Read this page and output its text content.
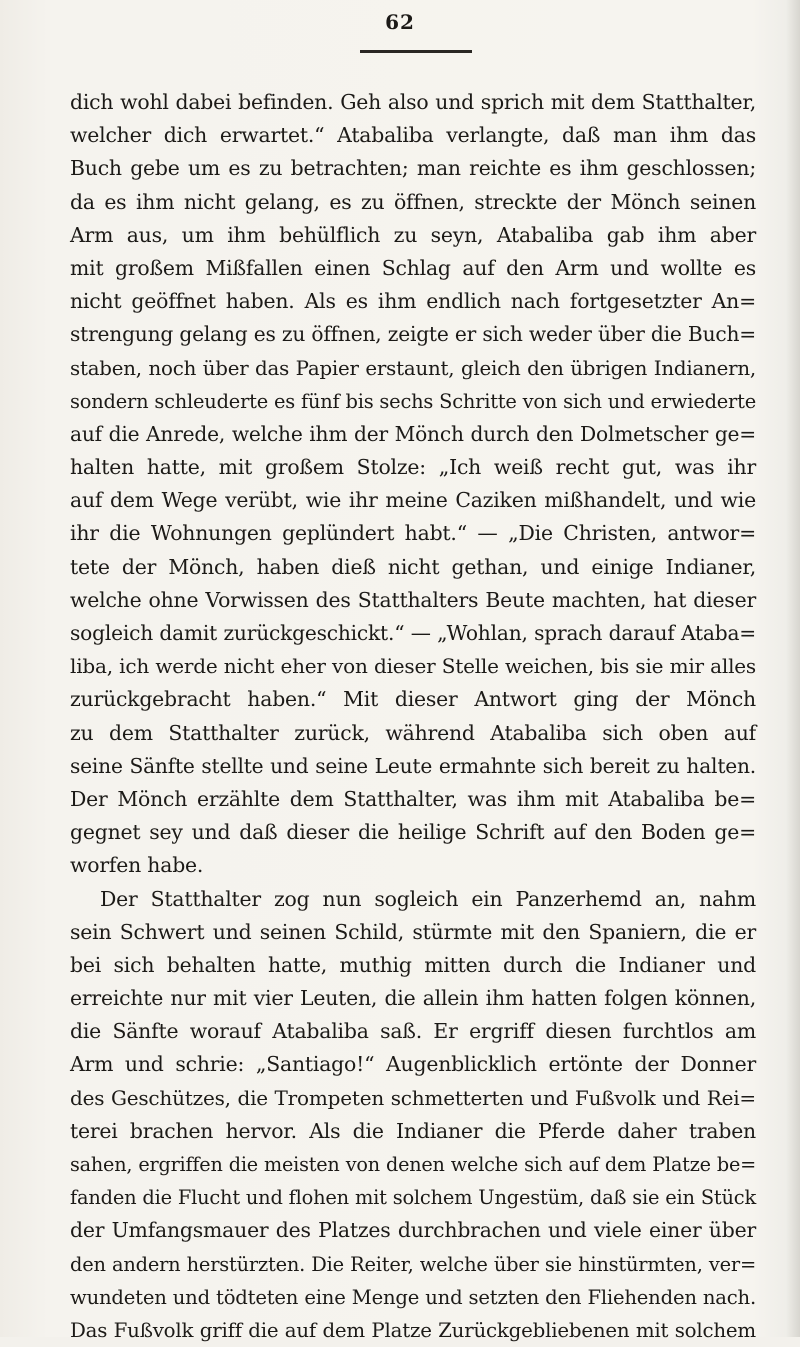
62
dich wohl dabei befinden. Geh also und sprich mit dem Statthalter,
welcher dich erwartet.“ Atabaliba verlangte, daß man ihm das
Buch gebe um es zu betrachten; man reichte es ihm geschlossen;
da es ihm nicht gelang, es zu öffnen, streckte der Mönch seinen
Arm aus, um ihm behülflich zu seyn, Atabaliba gab ihm aber
mit großem Mißfallen einen Schlag auf den Arm und wollte es
nicht geöffnet haben. Als es ihm endlich nach fortgesetzter An=
strengung gelang es zu öffnen, zeigte er sich weder über die Buch=
staben, noch über das Papier erstaunt, gleich den übrigen Indianern,
sondern schleuderte es fünf bis sechs Schritte von sich und erwiederte
auf die Anrede, welche ihm der Mönch durch den Dolmetscher ge=
halten hatte, mit großem Stolze: „Ich weiß recht gut, was ihr
auf dem Wege verübt, wie ihr meine Caziken mißhandelt, und wie
ihr die Wohnungen geplündert habt.“ — „Die Christen, antwor=
tete der Mönch, haben dieß nicht gethan, und einige Indianer,
welche ohne Vorwissen des Statthalters Beute machten, hat dieser
sogleich damit zurückgeschickt.“ — „Wohlan, sprach darauf Ataba=
liba, ich werde nicht eher von dieser Stelle weichen, bis sie mir alles
zurückgebracht haben.“ Mit dieser Antwort ging der Mönch
zu dem Statthalter zurück, während Atabaliba sich oben auf
seine Sänfte stellte und seine Leute ermahnte sich bereit zu halten.
Der Mönch erzählte dem Statthalter, was ihm mit Atabaliba be=
gegnet sey und daß dieser die heilige Schrift auf den Boden ge=
worfen habe.
Der Statthalter zog nun sogleich ein Panzerhemd an, nahm
sein Schwert und seinen Schild, stürmte mit den Spaniern, die er
bei sich behalten hatte, muthig mitten durch die Indianer und
erreichte nur mit vier Leuten, die allein ihm hatten folgen können,
die Sänfte worauf Atabaliba saß. Er ergriff diesen furchtlos am
Arm und schrie: „Santiago!“ Augenblicklich ertönte der Donner
des Geschützes, die Trompeten schmetterten und Fußvolk und Rei=
terei brachen hervor. Als die Indianer die Pferde daher traben
sahen, ergriffen die meisten von denen welche sich auf dem Platze be=
fanden die Flucht und flohen mit solchem Ungestüm, daß sie ein Stück
der Umfangsmauer des Platzes durchbrachen und viele einer über
den andern herstürzten. Die Reiter, welche über sie hinstürmten, ver=
wundeten und tödteten eine Menge und setzten den Fliehenden nach.
Das Fußvolk griff die auf dem Platze Zurückgebliebenen mit solchem
